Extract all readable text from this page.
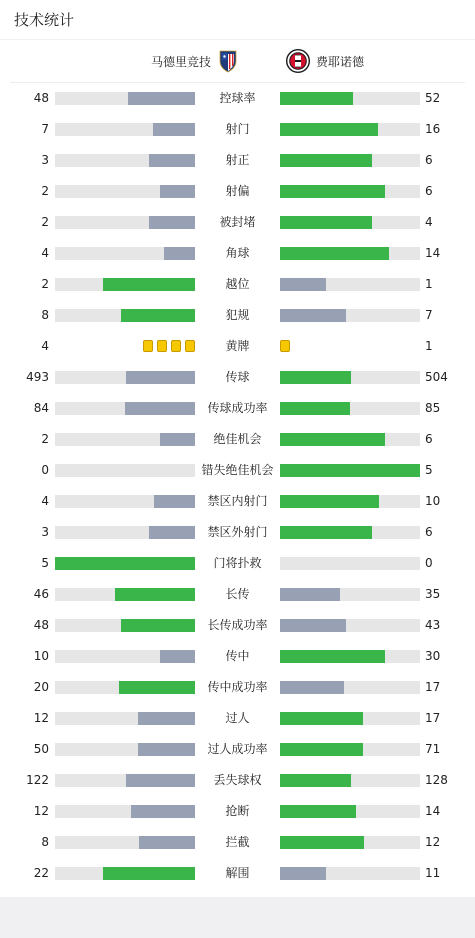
技术统计
马德里竞技	费耶诺德
48	控球率	52
7	射门	16
3	射正	6
2	射偏	6
2	被封堵	4
4	角球	14
2	越位	1
8	犯规	7
4	黄牌	1
493	传球	504
84	传球成功率	85
2	绝佳机会	6
0	错失绝佳机会	5
4	禁区内射门	10
3	禁区外射门	6
5	门将扑救	0
46	长传	35
48	长传成功率	43
10	传中	30
20	传中成功率	17
12	过人	17
50	过人成功率	71
122	丢失球权	128
12	抢断	14
8	拦截	12
22	解围	11
